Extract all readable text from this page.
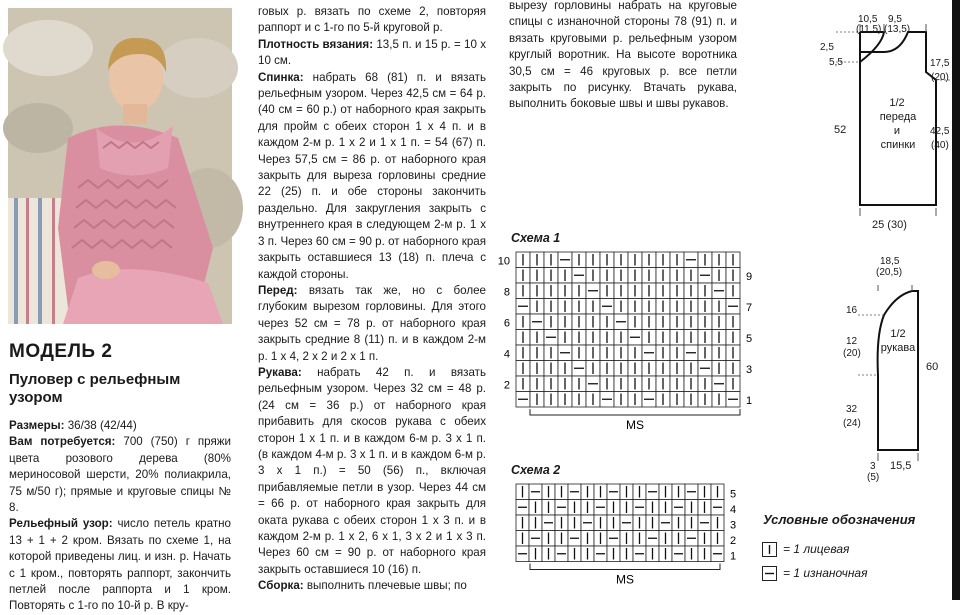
МОДЕЛЬ 2
Пуловер с рельефным узором

Размеры: 36/38 (42/44)

Вам потребуется: 700 (750) г пряжи цвета розового дерева (80% мериносовой шерсти, 20% полиакрила, 75 м/50 г); прямые и круговые спицы № 8.

Рельефный узор: число петель кратно 13 + 1 + 2 кром. Вязать по схеме 1, на которой приведены лиц. и изн. р. Начать с 1 кром., повторять раппорт, закончить петлей после раппорта и 1 кром. Повторять с 1-го по 10-й р. В кру-

говых р. вязать по схеме 2, повторяя раппорт и с 1-го по 5-й круговой р.

Плотность вязания: 13,5 п. и 15 р. = 10 х 10 см.

Спинка: набрать 68 (81) п. и вязать рельефным узором. Через 42,5 см = 64 р. (40 см = 60 р.) от наборного края закрыть для пройм с обеих сторон 1 х 4 п. и в каждом 2-м р. 1 х 2 и 1 х 1 п. = 54 (67) п. Через 57,5 см = 86 р. от наборного края закрыть для выреза горловины средние 22 (25) п. и обе стороны закончить раздельно. Для закругления закрыть с внутреннего края в следующем 2-м р. 1 х 3 п. Через 60 см = 90 р. от наборного края закрыть оставшиеся 13 (18) п. плеча с каждой стороны.

Перед: вязать так же, но с более глубоким вырезом горловины. Для этого через 52 см = 78 р. от наборного края закрыть средние 8 (11) п. и в каждом 2-м р. 1 х 4, 2 х 2 и 2 х 1 п.

Рукава: набрать 42 п. и вязать рельефным узором. Через 32 см = 48 р. (24 см = 36 р.) от наборного края прибавить для скосов рукава с обеих сторон 1 х 1 п. и в каждом 6-м р. 3 х 1 п. (в каждом 4-м р. 3 х 1 п. и в каждом 6-м р. 3 х 1 п.) = 50 (56) п., включая прибавляемые петли в узор. Через 44 см = 66 р. от наборного края закрыть для оката рукава с обеих сторон 1 х 3 п. и в каждом 2-м р. 1 х 2, 6 х 1, 3 х 2 и 1 х 3 п. Через 60 см = 90 р. от наборного края закрыть оставшиеся 10 (16) п.

Сборка: выполнить плечевые швы; по

вырезу горловины набрать на круговые спицы с изнаночной стороны 78 (91) п. и вязать круговыми р. рельефным узором круглый воротник. На высоте воротника 30,5 см = 46 круговых р. все петли закрыть по рисунку. Втачать рукава, выполнить боковые швы и швы рукавов.
Схема 1
10
8
6
4
2
9
7
5
3
1
MS
Схема 2
5
4
3
2
1
MS
10,5
(11,5)
9,5
(13,5)
2,5
5,5
52
17,5
(20)
42,5
(40)
1/2
переда
и
спинки
25 (30)
18,5
(20,5)
16
12
(20)
32
(24)
60
1/2
рукава
3
(5)
15,5
Условные обозначения
= 1 лицевая
= 1 изнаночная
